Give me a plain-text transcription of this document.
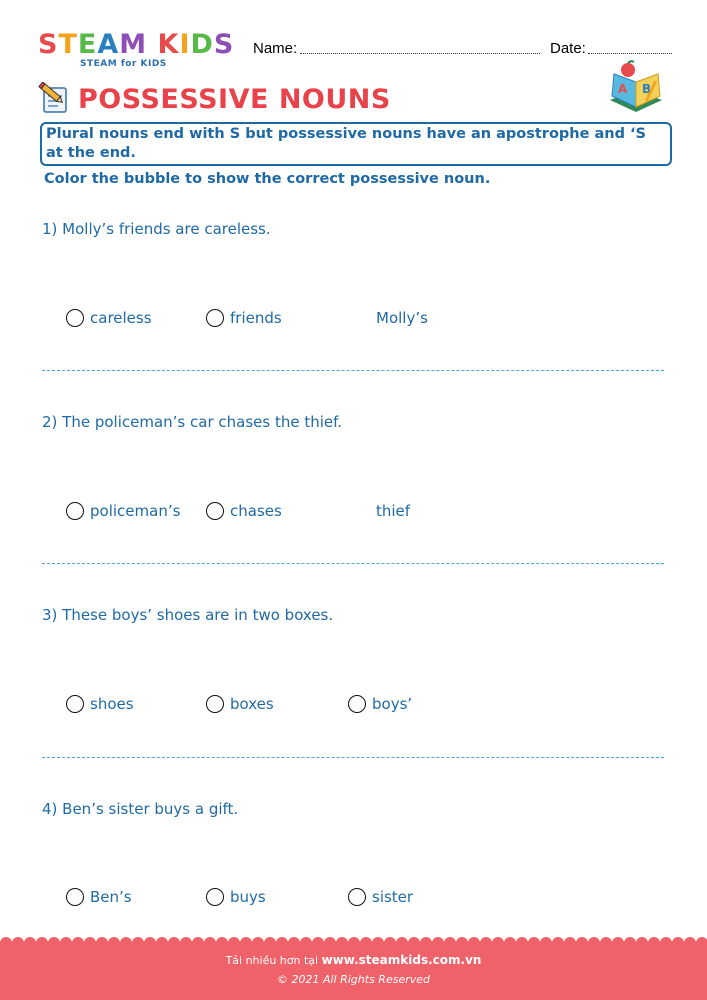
STEAM KIDS
STEAM for KIDS
Name:	Date:
POSSESSIVE NOUNS	A B
Plural nouns end with S but possessive nouns have an apostrophe and ‘S at the end.
Color the bubble to show the correct possessive noun.
1) Molly’s friends are careless.
careless	friends	Molly’s
2) The policeman’s car chases the thief.
policeman’s	chases	thief
3) These boys’ shoes are in two boxes.
shoes	boxes	boys’
4) Ben’s sister buys a gift.
Ben’s	buys	sister
Tải nhiều hơn tại www.steamkids.com.vn
© 2021 All Rights Reserved
